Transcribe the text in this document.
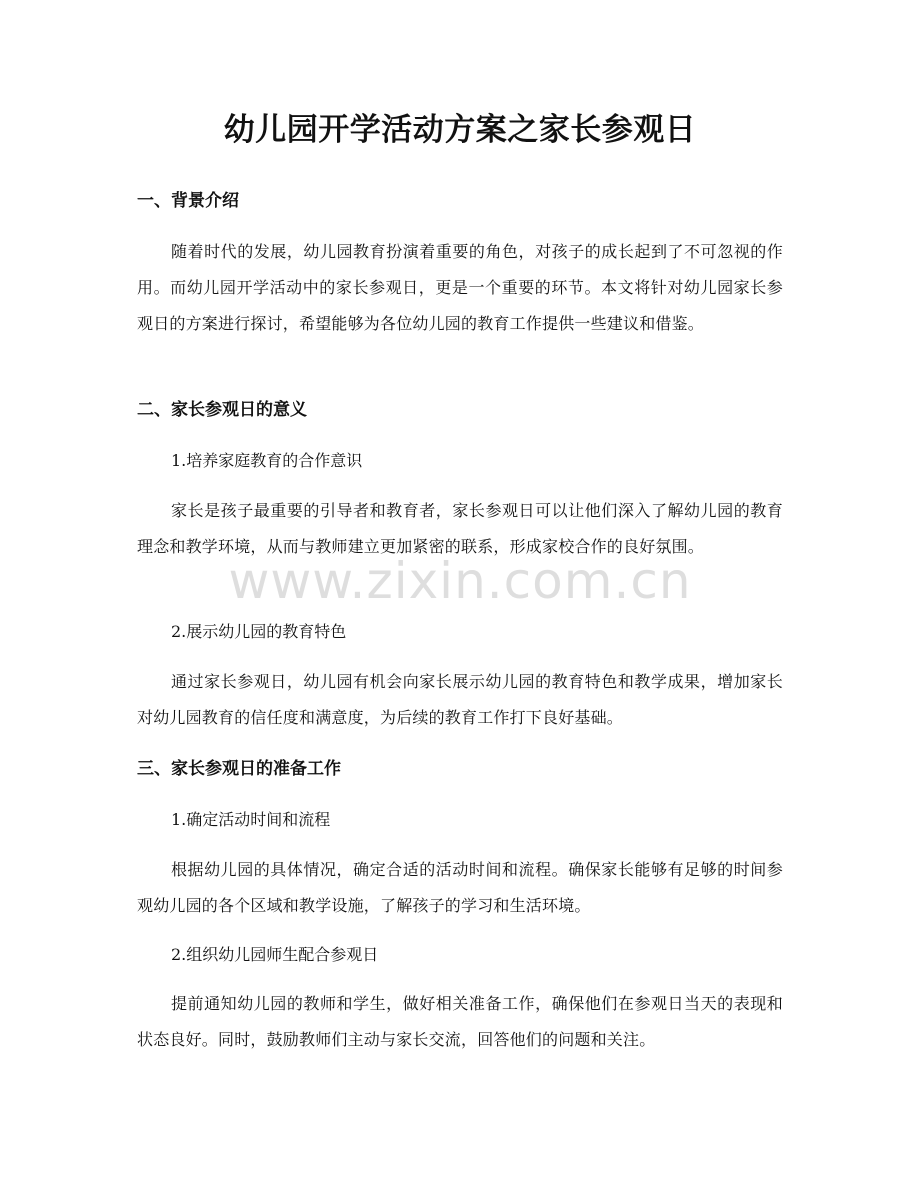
幼儿园开学活动方案之家长参观日
一、背景介绍
随着时代的发展，幼儿园教育扮演着重要的角色，对孩子的成长起到了不可忽视的作用。而幼儿园开学活动中的家长参观日，更是一个重要的环节。本文将针对幼儿园家长参观日的方案进行探讨，希望能够为各位幼儿园的教育工作提供一些建议和借鉴。
二、家长参观日的意义
1.培养家庭教育的合作意识
家长是孩子最重要的引导者和教育者，家长参观日可以让他们深入了解幼儿园的教育理念和教学环境，从而与教师建立更加紧密的联系，形成家校合作的良好氛围。
2.展示幼儿园的教育特色
通过家长参观日，幼儿园有机会向家长展示幼儿园的教育特色和教学成果，增加家长对幼儿园教育的信任度和满意度，为后续的教育工作打下良好基础。
三、家长参观日的准备工作
1.确定活动时间和流程
根据幼儿园的具体情况，确定合适的活动时间和流程。确保家长能够有足够的时间参观幼儿园的各个区域和教学设施，了解孩子的学习和生活环境。
2.组织幼儿园师生配合参观日
提前通知幼儿园的教师和学生，做好相关准备工作，确保他们在参观日当天的表现和状态良好。同时，鼓励教师们主动与家长交流，回答他们的问题和关注。
www.zixin.com.cn
